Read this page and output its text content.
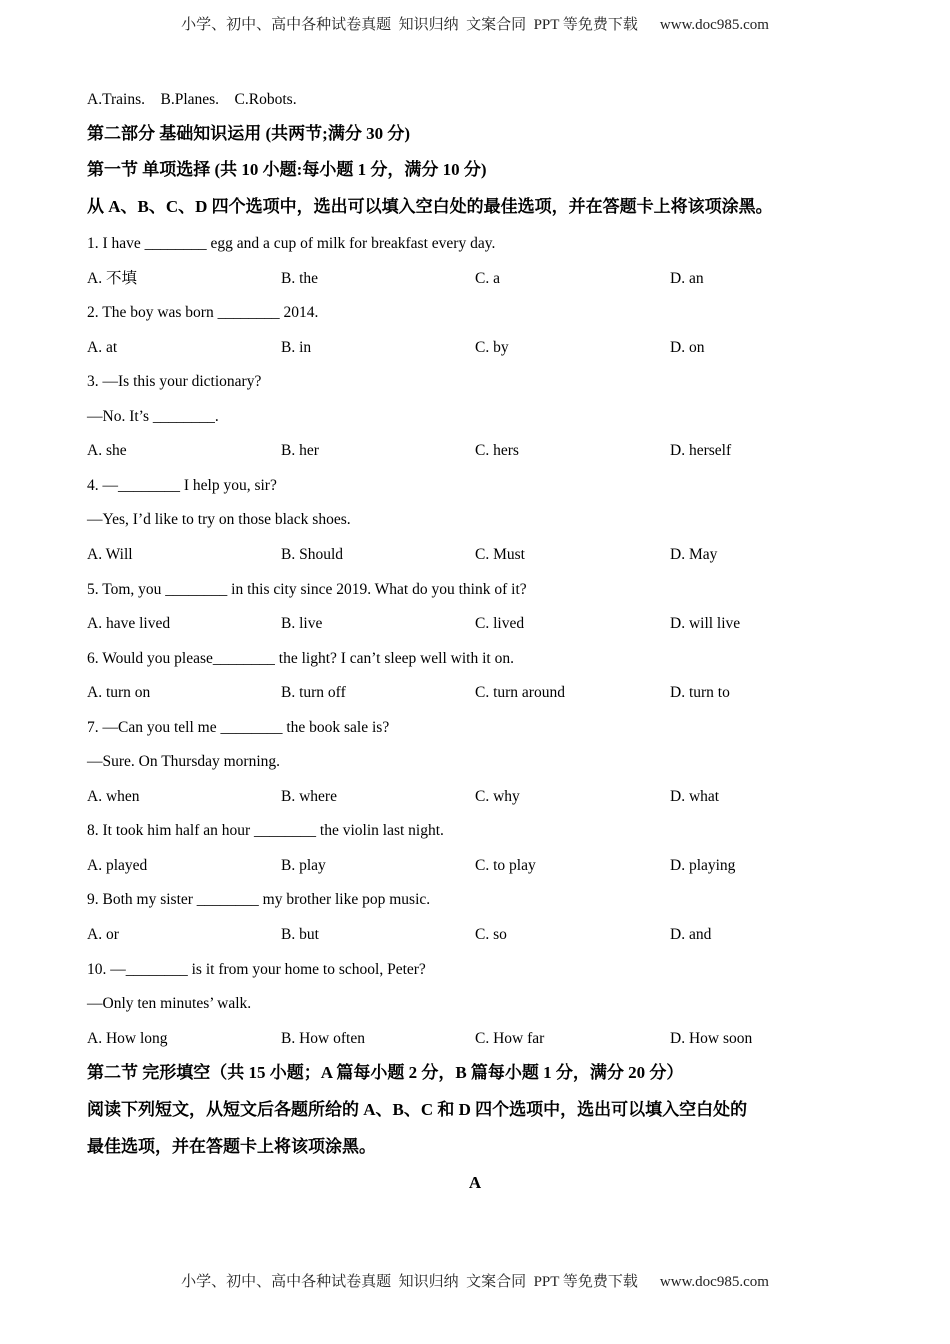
小学、初中、高中各种试卷真题  知识归纳  文案合同  PPT 等免费下载 www.doc985.com
A.Trains.    B.Planes.    C.Robots.
第二部分 基础知识运用 (共两节;满分 30 分)
第一节 单项选择 (共 10 小题:每小题 1 分，满分 10 分)
从 A、B、C、D 四个选项中，选出可以填入空白处的最佳选项，并在答题卡上将该项涂黑。
1. I have ________ egg and a cup of milk for breakfast every day.
A. 不填	B. the	C. a	D. an
2. The boy was born ________ 2014.
A. at	B. in	C. by	D. on
3. —Is this your dictionary?
—No. It’s ________.
A. she	B. her	C. hers	D. herself
4. —________ I help you, sir?
—Yes, I’d like to try on those black shoes.
A. Will	B. Should	C. Must	D. May
5. Tom, you ________ in this city since 2019. What do you think of it?
A. have lived	B. live	C. lived	D. will live
6. Would you please________ the light? I can’t sleep well with it on.
A. turn on	B. turn off	C. turn around	D. turn to
7. —Can you tell me ________ the book sale is?
—Sure. On Thursday morning.
A. when	B. where	C. why	D. what
8. It took him half an hour ________ the violin last night.
A. played	B. play	C. to play	D. playing
9. Both my sister ________ my brother like pop music.
A. or	B. but	C. so	D. and
10. —________ is it from your home to school, Peter?
—Only ten minutes’ walk.
A. How long	B. How often	C. How far	D. How soon
第二节 完形填空（共 15 小题；A 篇每小题 2 分，B 篇每小题 1 分，满分 20 分）
阅读下列短文，从短文后各题所给的 A、B、C 和 D 四个选项中，选出可以填入空白处的
最佳选项，并在答题卡上将该项涂黑。
A
小学、初中、高中各种试卷真题  知识归纳  文案合同  PPT 等免费下载 www.doc985.com
